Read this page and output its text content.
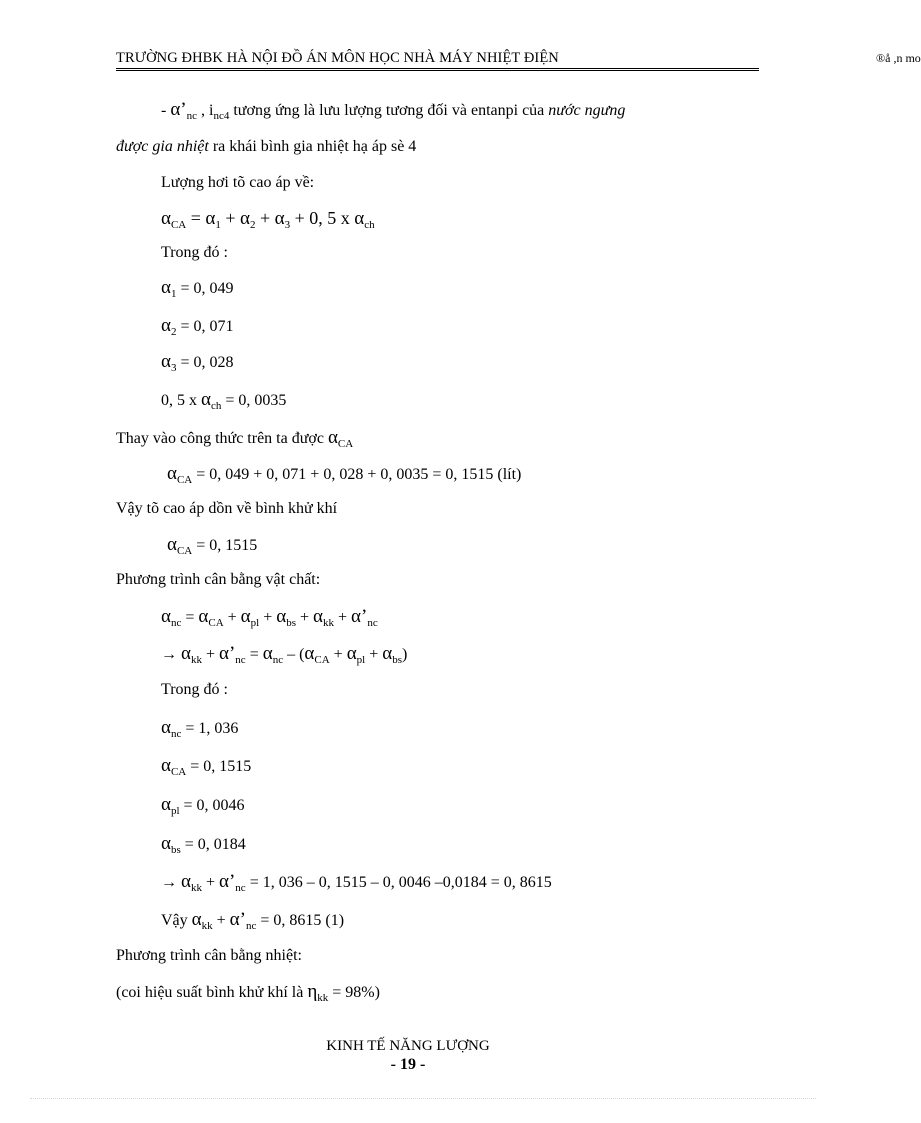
TRƯỜNG ĐHBK HÀ NỘI ĐỒ ÁN MÔN HỌC NHÀ MÁY NHIỆT ĐIỆN	®å ,n mo
- $\alpha’_{nc}$ , $i_{nc4}$ tương ứng là lưu lượng tương đối và entanpi của nước ngưng
được gia nhiệt ra khái bình gia nhiệt hạ áp sè 4
Lượng hơi tõ cao áp về:
$\alpha_{CA} = \alpha_1 + \alpha_2 + \alpha_3 + 0$, 5 x $\alpha_{ch}$
Trong đó :
$\alpha_1 = 0$, 049
$\alpha_2 = 0$, 071
$\alpha_3 = 0$, 028
0, 5 x $\alpha_{ch} = 0$, 0035
Thay vào công thức trên ta được $\alpha_{CA}$
$\alpha_{CA} = 0$, 049 + 0, 071 + 0, 028 + 0, 0035 = 0, 1515 (lít)
Vậy tõ cao áp dồn về bình khử khí
$\alpha_{CA} = 0$, 1515
Phương trình cân bằng vật chất:
$\alpha_{nc} = \alpha_{CA} + \alpha_{pl} + \alpha_{bs} + \alpha_{kk}$ + $\alpha’_{nc}$
→ $\alpha_{kk}$ + $\alpha’_{nc} = \alpha_{nc} - (\alpha_{CA} + \alpha_{pl} + \alpha_{bs})$
Trong đó :
$\alpha_{nc} = 1$, 036
$\alpha_{CA} = 0$, 1515
$\alpha_{pl} = 0$, 0046
$\alpha_{bs} = 0$, 0184
→ $\alpha_{kk}$ + $\alpha’_{nc} = 1$, 036 – 0, 1515 – 0, 0046 –0,0184 = 0, 8615
Vậy $\alpha_{kk}$ + $\alpha’_{nc} = 0$, 8615 (1)
Phương trình cân bằng nhiệt:
(coi hiệu suất bình khử khí là $\eta_{kk} = 98\%$)
KINH TẾ NĂNG LƯỢNG
- 19 -
